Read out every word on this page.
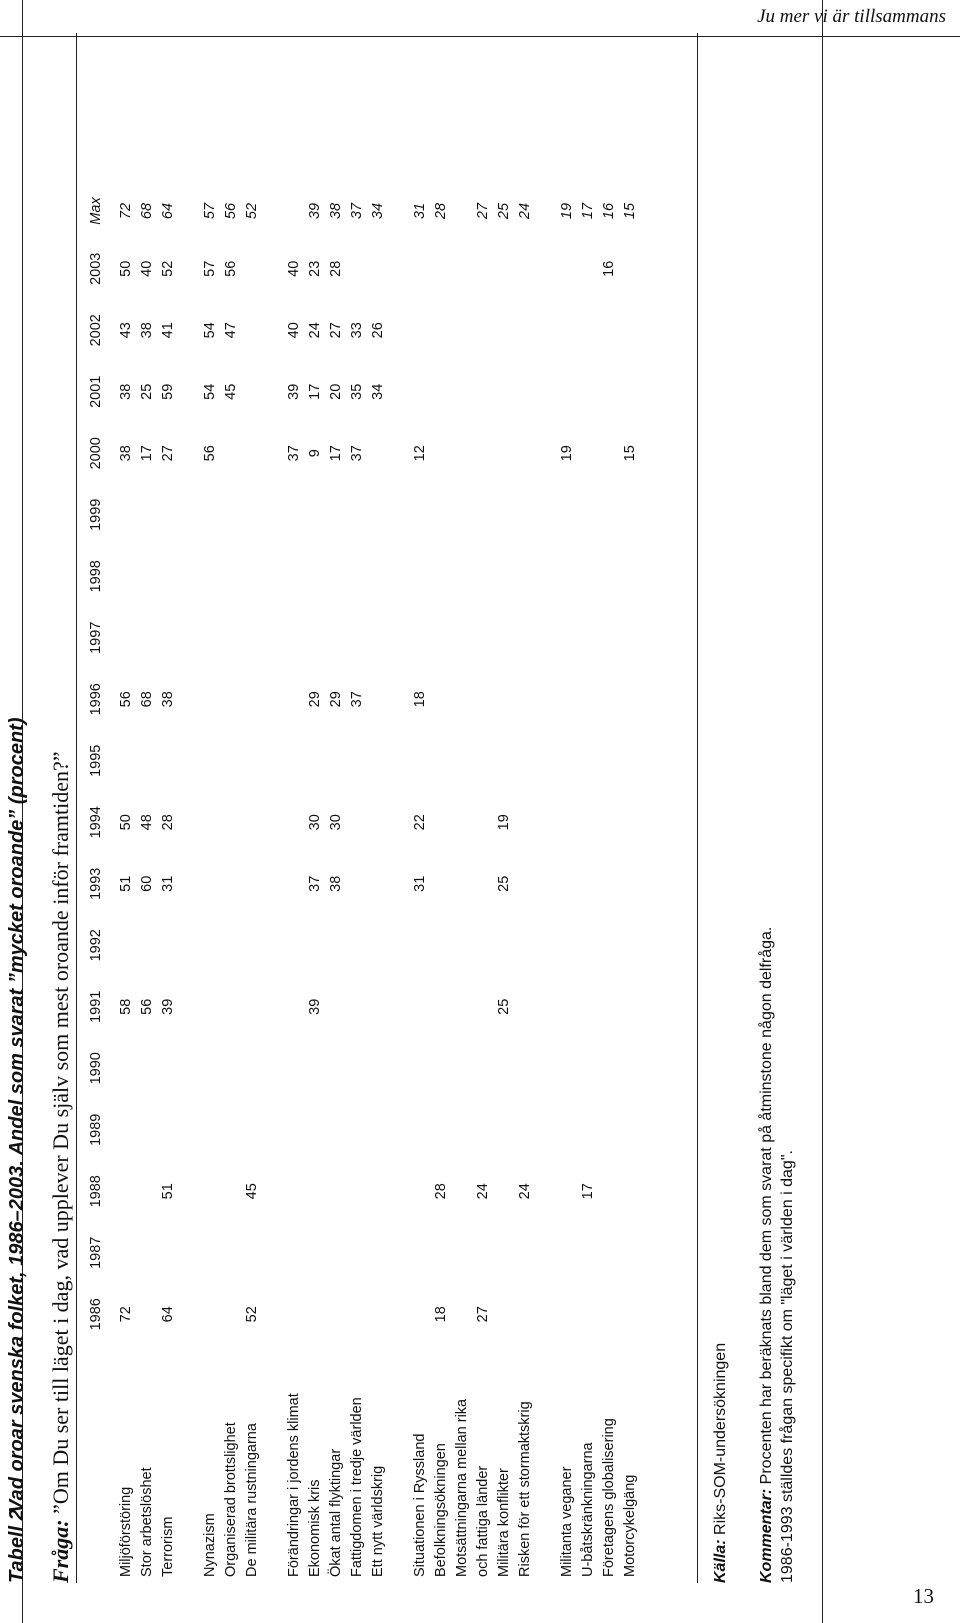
Ju mer vi är tillsammans
Tabell 2Vad oroar svenska folket, 1986–2003. Andel som svarat ”mycket oroande” (procent)
Fråga: ”Om Du ser till läget i dag, vad upplever Du själv som mest oroande inför framtiden?”
	1986	1987	1988	1989	1990	1991	1992	1993	1994	1995	1996	1997	1998	1999	2000	2001	2002	2003	Max
Miljöförstöring	72					58		51	50		56				38	38	43	50	72
Stor arbetslöshet						56		60	48		68				17	25	38	40	68
Terrorism	64		51			39		31	28		38				27	59	41	52	64

Nynazism															56	54	54	57	57
Organiserad brottslighet																45	47	56	56
De militära rustningarna	52		45																52

Förändringar i jordens klimat															37	39	40	40	
Ekonomisk kris						39		37	30		29				9	17	24	23	39
Ökat antal flyktingar								38	30		29				17	20	27	28	38
Fattigdomen i tredje världen											37				37	35	33		37
Ett nytt världskrig																34	26		34

Situationen i Ryssland								31	22		18				12				31
Befolkningsökningen	18		28																28
Motsättningarna mellan rika																			
och fattiga länder	27		24																27
Militära konflikter						25		25	19										25
Risken för ett stormaktskrig			24																24

Militanta veganer															19				19
U-båtskränkningarna			17																17
Företagens globalisering																		16	16
Motorcykelgäng															15				15
Källa: Riks-SOM-undersökningen Kommentar: Procenten har beräknats bland dem som svarat på åtminstone någon delfråga. 1986-1993 ställdes frågan specifikt om "läget i världen i dag".
13
